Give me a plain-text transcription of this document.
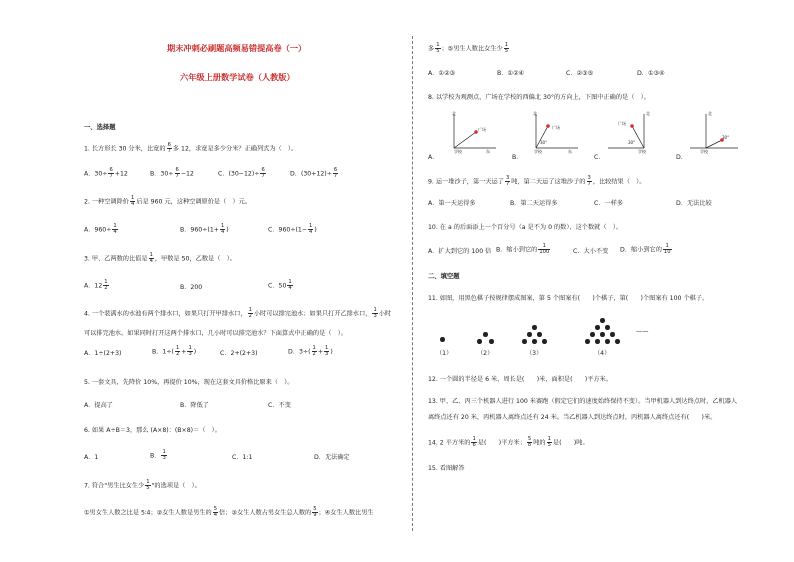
期末冲刺必刷题高频易错提高卷（一）
六年级上册数学试卷（人教版）
一、选择题
1. 长方形长 30 分米，比宽的 $\frac{6}{7}$ 多 12，求宽是多少分米？正确列式为（　）。
A．$30\div \frac{6}{7} +12$	B．$30\div \frac{6}{7} -12$	C．$(30-12)\div \frac{6}{7}$	D．$(30+12)\div \frac{6}{7}$
2. 一种空调降价 $\frac{1}{4}$ 后是 960 元，这种空调原价是（　）元。
A．$960\div \frac{1}{4}$	B．$960\div(1+ \frac{1}{4}$ )	C．$960\div(1- \frac{1}{4}$ )
3. 甲、乙两数的比值是 $\frac{1}{4}$ ，甲数是 50，乙数是（　）。
A．$12 \frac{1}{2}$	B．200	C．$50 \frac{1}{4}$
4. 一个装满水的水池有两个排水口，如果只打开甲排水口， $\frac{1}{2}$ 小时可以排完池水；如果只打开乙排水口， $\frac{1}{3}$ 小时
可以排完池水。如果同时打开这两个排水口，几小时可以排完池水？下面算式中正确的是（　）。
A．1÷(2+3)	B．$1\div( \frac{1}{2} + \frac{1}{3}$ )	C．2+(2+3)	D．$3\div( \frac{1}{2} + \frac{1}{3}$ )
5. 一套文具，先降价 10%，再提价 10%，现在这套文具价格比原来（　）。
A．提高了	B．降低了	C．不变
6. 如果 A÷B＝3，那么 (A×8)：(B×8)＝（　）。
A．1	B． $\frac{1}{3}$	C．1:1	D．无法确定
7. 符合"男生比女生少 $\frac{1}{5}$ "的选项是（　）。
①男女生人数之比是 5∶4；②女生人数是男生的 $\frac{5}{4}$ 倍；③女生人数占男女生总人数的 $\frac{5}{9}$ ；④女生人数比男生
多 $\frac{1}{5}$ ；⑤男生人数比女生少 $\frac{1}{5}$
A．①②③	B．①②④	C．②③⑤	D．①③④
8. 以学校为观测点，广场在学校的西偏北 30°的方向上，下图中正确的是（　）。
A．
北
广场
学校	东
B．
北
广场
30°
学校	东
C．
北
广场
30°
学校
D．
北
30°
学校
9. 运一堆沙子，第一天运了 $\frac{3}{7}$ 吨，第二天运了这堆沙子的 $\frac{3}{7}$ ，比较结果（　）。
A．第一天运得多	B．第二天运得多	C．一样多	D．无法比较
10. 在 a 的后面添上一个百分号（a 是不为 0 的数），这个数就（　）。
A．扩大到它的 100 倍 B．缩小到它的 $\frac{1}{100}$	C．大小不变 D．缩小到它的 $\frac{1}{10}$
二、填空题
11. 如图，用黑色棋子按规律摆成图案，第 5 个图案有(　　)个棋子，第(　　)个图案有 100 个棋子。
——
（1）	（2）	（3）	（4）
12. 一个圆的半径是 6 米，周长是(　　)米，面积是(　　)平方米。
13. 甲、乙、丙三个机器人进行 100 米赛跑（假定它们的速度始终保持不变）。当甲机器人到达终点时，乙机器人
离终点还有 20 米，丙机器人离终点还有 24 米。当乙机器人到达终点时，丙机器人离终点还有(　　)米。
14. 2 平方米的 $\frac{1}{6}$ 是(　　)平方米； $\frac{5}{8}$ 吨的 $\frac{1}{5}$ 是(　　)吨。
15. 看图解答
